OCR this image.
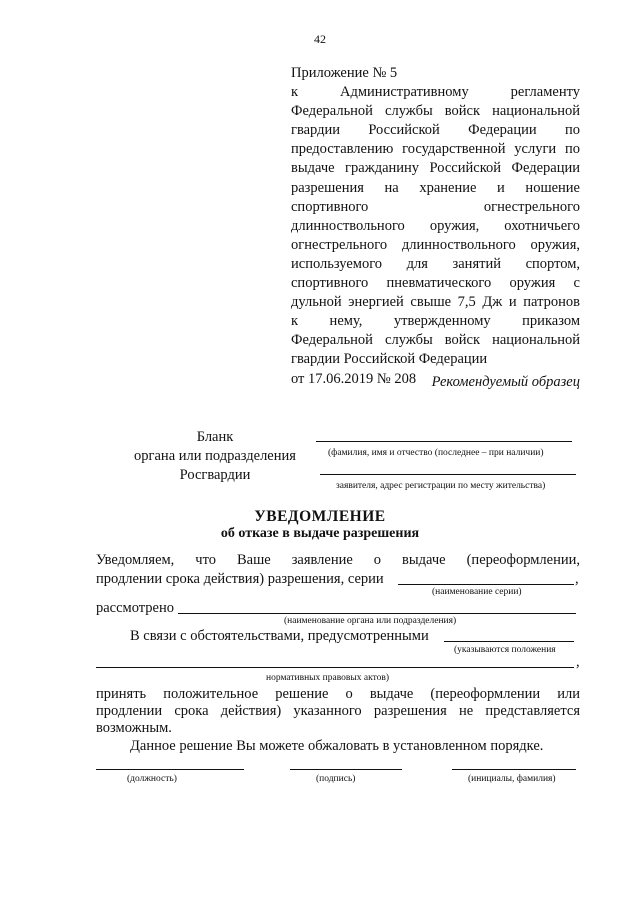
42
Приложение № 5
к Административному регламенту
Федеральной службы войск национальной
гвардии Российской Федерации по
предоставлению государственной услуги по
выдаче гражданину Российской Федерации
разрешения на хранение и ношение
спортивного огнестрельного
длинноствольного оружия, охотничьего
огнестрельного длинноствольного оружия,
используемого для занятий спортом,
спортивного пневматического оружия с
дульной энергией свыше 7,5 Дж и патронов
к нему, утвержденному приказом
Федеральной службы войск национальной
гвардии Российской Федерации
от 17.06.2019 № 208	Рекомендуемый образец
Бланк
органа или подразделения
Росгвардии
(фамилия, имя и отчество (последнее – при наличии)
заявителя, адрес регистрации по месту жительства)
УВЕДОМЛЕНИЕ
об отказе в выдаче разрешения
Уведомляем, что Ваше заявление о выдаче (переоформлении,
продлении срока действия) разрешения, серии	,
(наименование серии)
рассмотрено
(наименование органа или подразделения)
В связи с обстоятельствами, предусмотренными
(указываются положения
,
нормативных правовых актов)
принять положительное решение о выдаче (переоформлении или
продлении срока действия) указанного разрешения не представляется
возможным.
Данное решение Вы можете обжаловать в установленном порядке.
(должность)	(подпись)	(инициалы, фамилия)
